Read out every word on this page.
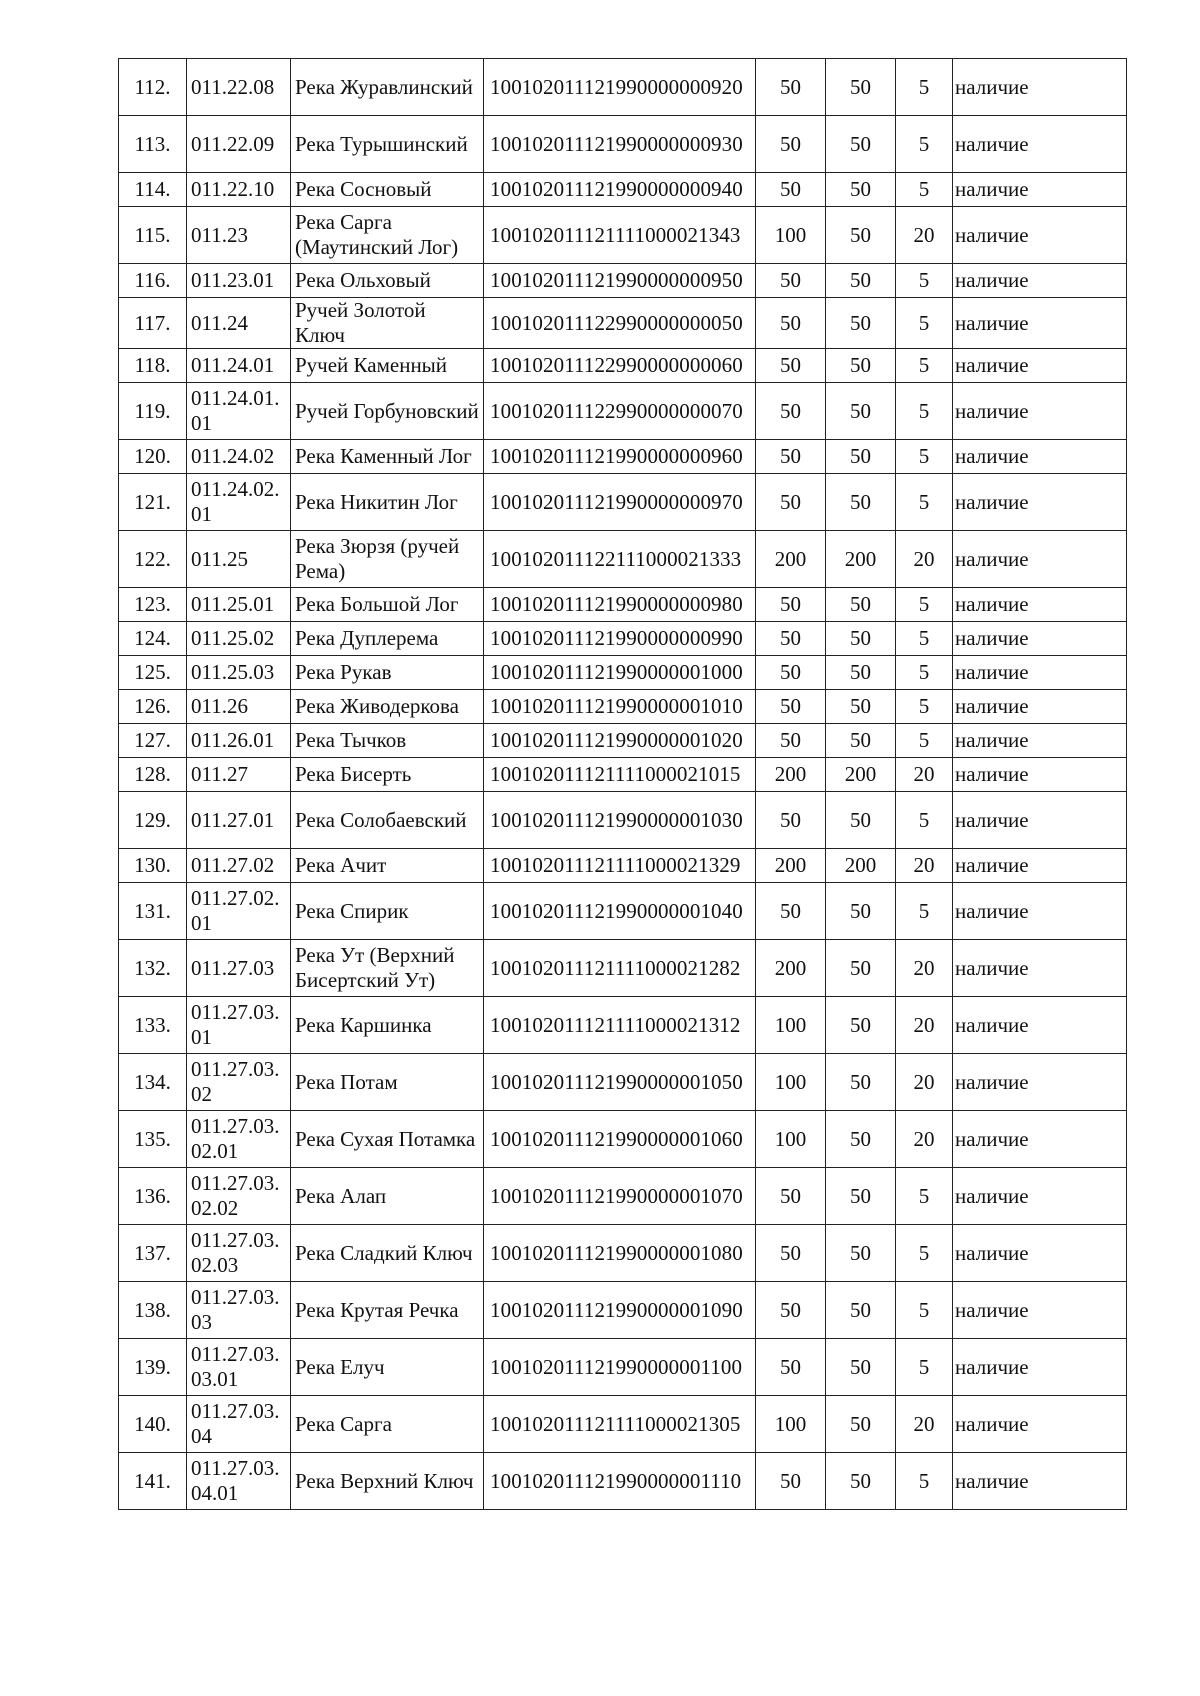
112.	011.22.08	Река Журавлинский	100102011121990000000920	50	50	5	наличие
113.	011.22.09	Река Турышинский	100102011121990000000930	50	50	5	наличие
114.	011.22.10	Река Сосновый	100102011121990000000940	50	50	5	наличие
115.	011.23	Река Сарга (Маутинский Лог)	100102011121111000021343	100	50	20	наличие
116.	011.23.01	Река Ольховый	100102011121990000000950	50	50	5	наличие
117.	011.24	Ручей Золотой Ключ	100102011122990000000050	50	50	5	наличие
118.	011.24.01	Ручей Каменный	100102011122990000000060	50	50	5	наличие
119.	011.24.01. 01	Ручей Горбуновский	100102011122990000000070	50	50	5	наличие
120.	011.24.02	Река Каменный Лог	100102011121990000000960	50	50	5	наличие
121.	011.24.02. 01	Река Никитин Лог	100102011121990000000970	50	50	5	наличие
122.	011.25	Река Зюрзя (ручей Рема)	100102011122111000021333	200	200	20	наличие
123.	011.25.01	Река Большой Лог	100102011121990000000980	50	50	5	наличие
124.	011.25.02	Река Дуплерема	100102011121990000000990	50	50	5	наличие
125.	011.25.03	Река Рукав	100102011121990000001000	50	50	5	наличие
126.	011.26	Река Живодеркова	100102011121990000001010	50	50	5	наличие
127.	011.26.01	Река Тычков	100102011121990000001020	50	50	5	наличие
128.	011.27	Река Бисерть	100102011121111000021015	200	200	20	наличие
129.	011.27.01	Река Солобаевский	100102011121990000001030	50	50	5	наличие
130.	011.27.02	Река Ачит	100102011121111000021329	200	200	20	наличие
131.	011.27.02. 01	Река Спирик	100102011121990000001040	50	50	5	наличие
132.	011.27.03	Река Ут (Верхний Бисертский Ут)	100102011121111000021282	200	50	20	наличие
133.	011.27.03. 01	Река Каршинка	100102011121111000021312	100	50	20	наличие
134.	011.27.03. 02	Река Потам	100102011121990000001050	100	50	20	наличие
135.	011.27.03. 02.01	Река Сухая Потамка	100102011121990000001060	100	50	20	наличие
136.	011.27.03. 02.02	Река Алап	100102011121990000001070	50	50	5	наличие
137.	011.27.03. 02.03	Река Сладкий Ключ	100102011121990000001080	50	50	5	наличие
138.	011.27.03. 03	Река Крутая Речка	100102011121990000001090	50	50	5	наличие
139.	011.27.03. 03.01	Река Елуч	100102011121990000001100	50	50	5	наличие
140.	011.27.03. 04	Река Сарга	100102011121111000021305	100	50	20	наличие
141.	011.27.03. 04.01	Река Верхний Ключ	100102011121990000001110	50	50	5	наличие
